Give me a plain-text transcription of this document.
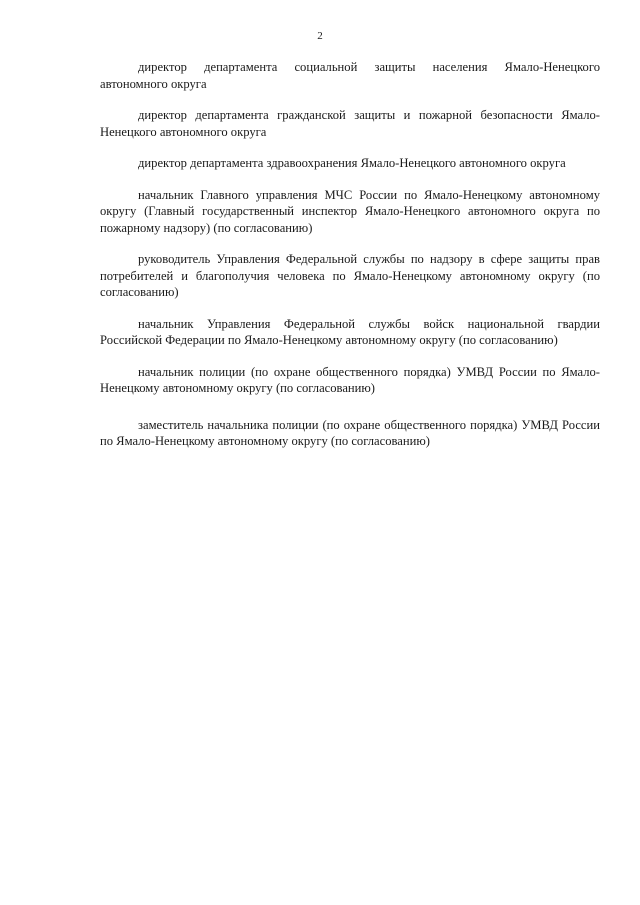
2

директор департамента социальной защиты населения Ямало-Ненецкого автономного округа

директор департамента гражданской защиты и пожарной безопасности Ямало-Ненецкого автономного округа

директор департамента здравоохранения Ямало-Ненецкого автономного округа

начальник Главного управления МЧС России по Ямало-Ненецкому автономному округу (Главный государственный инспектор Ямало-Ненецкого автономного округа по пожарному надзору) (по согласованию)

руководитель Управления Федеральной службы по надзору в сфере защиты прав потребителей и благополучия человека по Ямало-Ненецкому автономному округу (по согласованию)

начальник Управления Федеральной службы войск национальной гвардии Российской Федерации по Ямало-Ненецкому автономному округу (по согласованию)

начальник полиции (по охране общественного порядка) УМВД России по Ямало-Ненецкому автономному округу (по согласованию)

заместитель начальника полиции (по охране общественного порядка) УМВД России по Ямало-Ненецкому автономному округу (по согласованию)
